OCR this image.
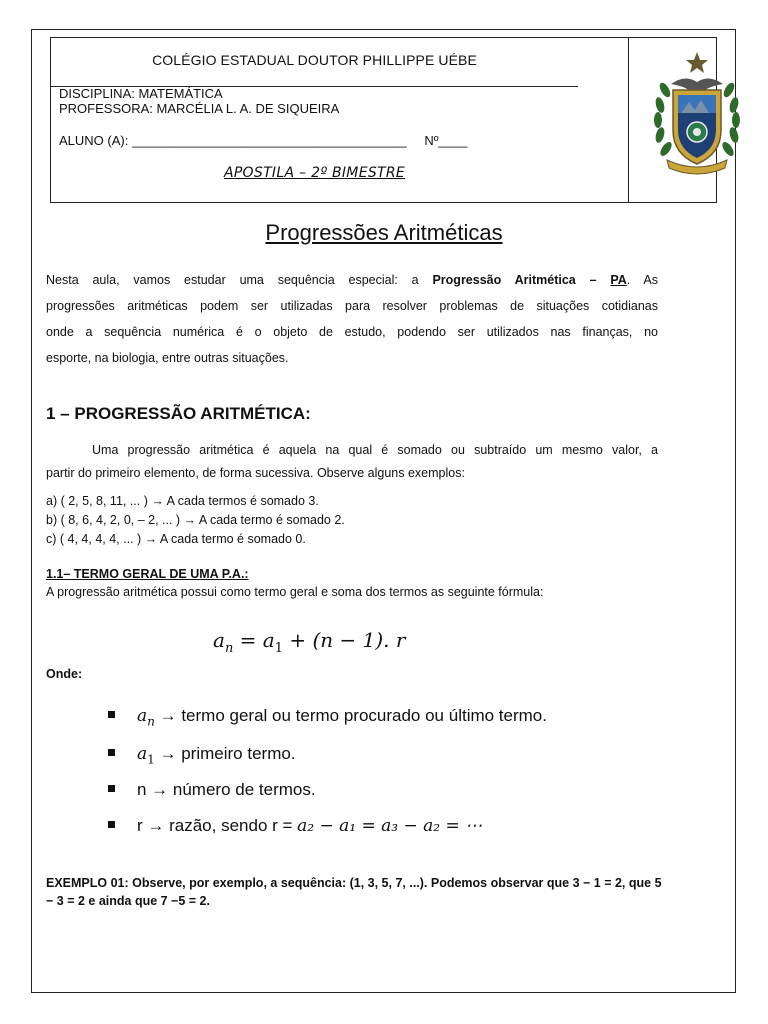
COLÉGIO ESTADUAL DOUTOR PHILLIPPE UÉBE
DISCIPLINA: MATEMÁTICA
PROFESSORA: MARCÉLIA L. A. DE SIQUEIRA
ALUNO (A): ______________________________________ Nº____
APOSTILA – 2º BIMESTRE
Progressões Aritméticas
Nesta aula, vamos estudar uma sequência especial: a Progressão Aritmética – PA. As
progressões aritméticas podem ser utilizadas para resolver problemas de situações cotidianas
onde a sequência numérica é o objeto de estudo, podendo ser utilizados nas finanças, no
esporte, na biologia, entre outras situações.
1 – PROGRESSÃO ARITMÉTICA:
Uma progressão aritmética é aquela na qual é somado ou subtraído um mesmo valor, a
partir do primeiro elemento, de forma sucessiva. Observe alguns exemplos:
a) ( 2, 5, 8, 11, ... ) → A cada termos é somado 3.
b) ( 8, 6, 4, 2, 0, – 2, ... ) → A cada termo é somado 2.
c) ( 4, 4, 4, 4, ... ) → A cada termo é somado 0.
1.1– TERMO GERAL DE UMA P.A.:
A progressão aritmética possui como termo geral e soma dos termos as seguinte fórmula:
$a_n = a_1 + (n - 1)$. r
Onde:
$a_n$ → termo geral ou termo procurado ou último termo.
$a_1$ → primeiro termo.
n → número de termos.
r → razão, sendo r = a₂ − a₁ = a₃ − a₂ = ⋯
EXEMPLO 01: Observe, por exemplo, a sequência: (1, 3, 5, 7, ...). Podemos observar que 3 − 1 = 2, que 5
− 3 = 2 e ainda que 7 −5 = 2.
